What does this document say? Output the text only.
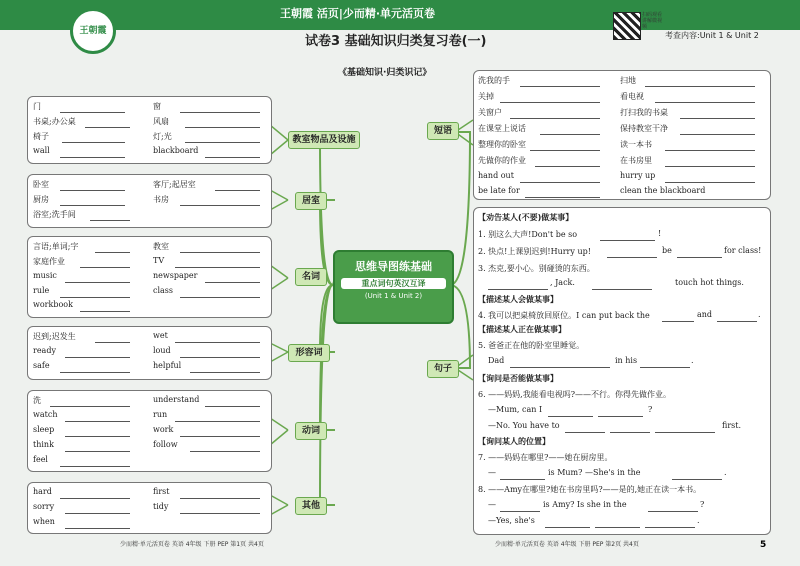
王朝霞 活页|少而精·单元活页卷
王朝霞
试卷3 基础知识归类复习卷(一)
扫码观看讲解微视频
考查内容:Unit 1 & Unit 2
《基础知识·归类识记》
门	窗
书桌;办公桌	风扇
椅子	灯;光
wall	blackboard
卧室	客厅;起居室
厨房	书房
浴室;洗手间
言语;单词;字	教室
家庭作业	TV
music	newspaper
rule	class
workbook
迟到;迟发生	wet
ready	loud
safe	helpful
洗	understand
watch	run
sleep	work
think	follow
feel
hard	first
sorry	tidy
when
教室物品及设施
居室
名词
形容词
动词
其他
短语
句子
思维导图练基础
重点词句英汉互译
(Unit 1 & Unit 2)
洗我的手	扫地
关掉	看电视
关窗户	打扫我的书桌
在课堂上说话	保持教室干净
整理你的卧室	读一本书
先做你的作业	在书房里
hand out	hurry up
be late for	clean the blackboard
【劝告某人(不要)做某事】
1. 别这么大声!Don't be so	!
2. 快点!上课别迟到!Hurry up!	be	for class!
3. 杰克,要小心。别碰烫的东西。
, Jack.	touch hot things.
【描述某人会做某事】
4. 我可以把桌椅放回原位。I can put back the	and	.
【描述某人正在做某事】
5. 爸爸正在他的卧室里睡觉。
Dad	in his	.
【询问是否能做某事】
6. ——妈妈,我能看电视吗?——不行。你得先做作业。
—Mum, can I	?
—No. You have to	first.
【询问某人的位置】
7. ——妈妈在哪里?——她在厨房里。
—	is Mum? —She's in the	.
8. ——Amy在哪里?她在书房里吗?——是的,她正在读一本书。
—	is Amy? Is she in the	?
—Yes, she's	.
少而精·单元活页卷 英语 4年级 下册 PEP 第1页 共4页	少而精·单元活页卷 英语 4年级 下册 PEP 第2页 共4页	5
